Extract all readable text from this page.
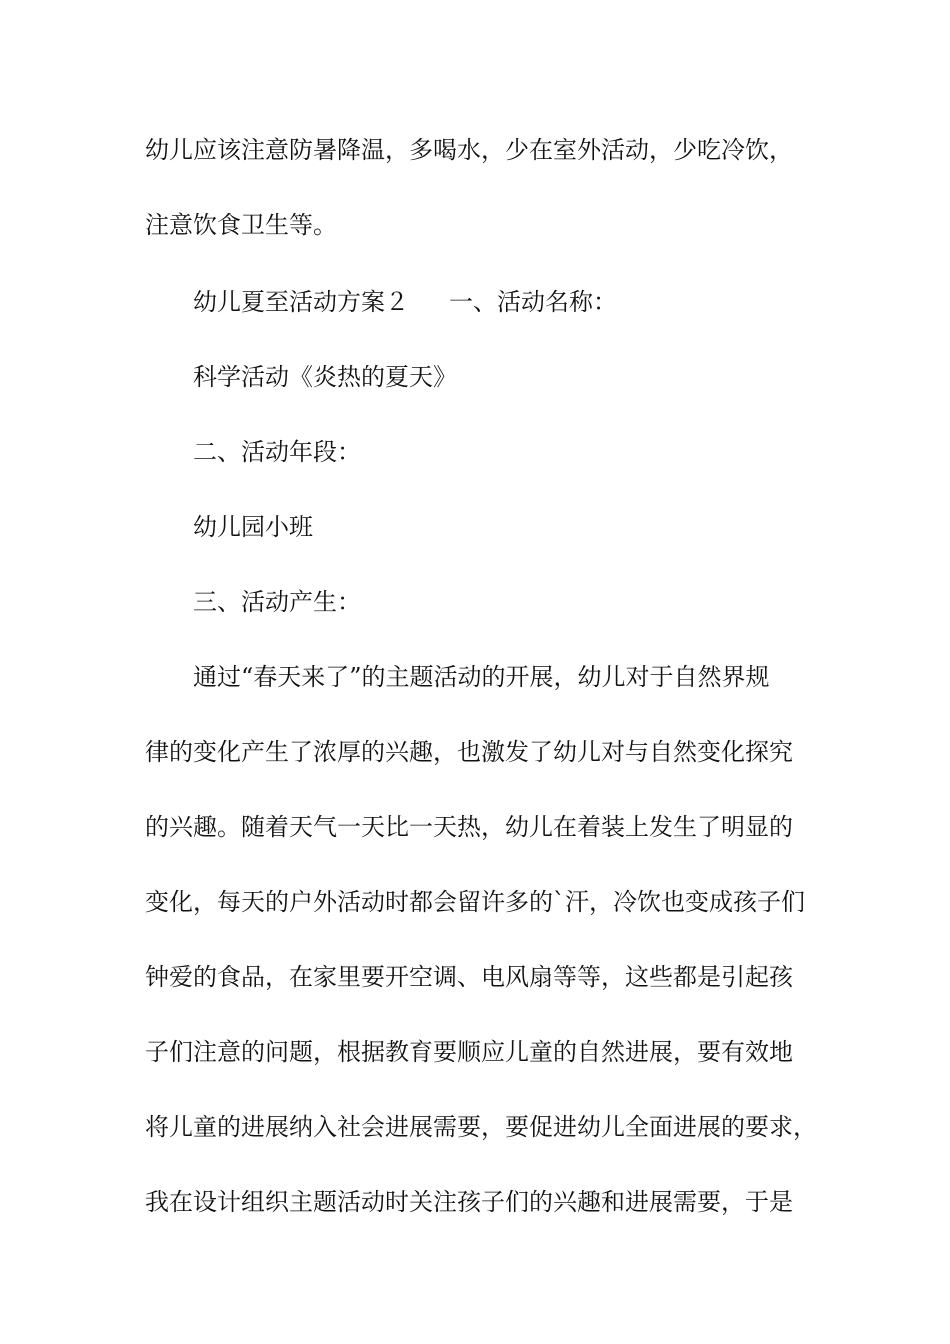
幼儿应该注意防暑降温，多喝水，少在室外活动，少吃冷饮，
注意饮食卫生等。
幼儿夏至活动方案２ 一、活动名称：
科学活动《炎热的夏天》
二、活动年段：
幼儿园小班
三、活动产生：
通过“春天来了”的主题活动的开展，幼儿对于自然界规
律的变化产生了浓厚的兴趣，也激发了幼儿对与自然变化探究
的兴趣。随着天气一天比一天热，幼儿在着装上发生了明显的
变化，每天的户外活动时都会留许多的`汗，冷饮也变成孩子们
钟爱的食品，在家里要开空调、电风扇等等，这些都是引起孩
子们注意的问题，根据教育要顺应儿童的自然进展，要有效地
将儿童的进展纳入社会进展需要，要促进幼儿全面进展的要求，
我在设计组织主题活动时关注孩子们的兴趣和进展需要，于是
